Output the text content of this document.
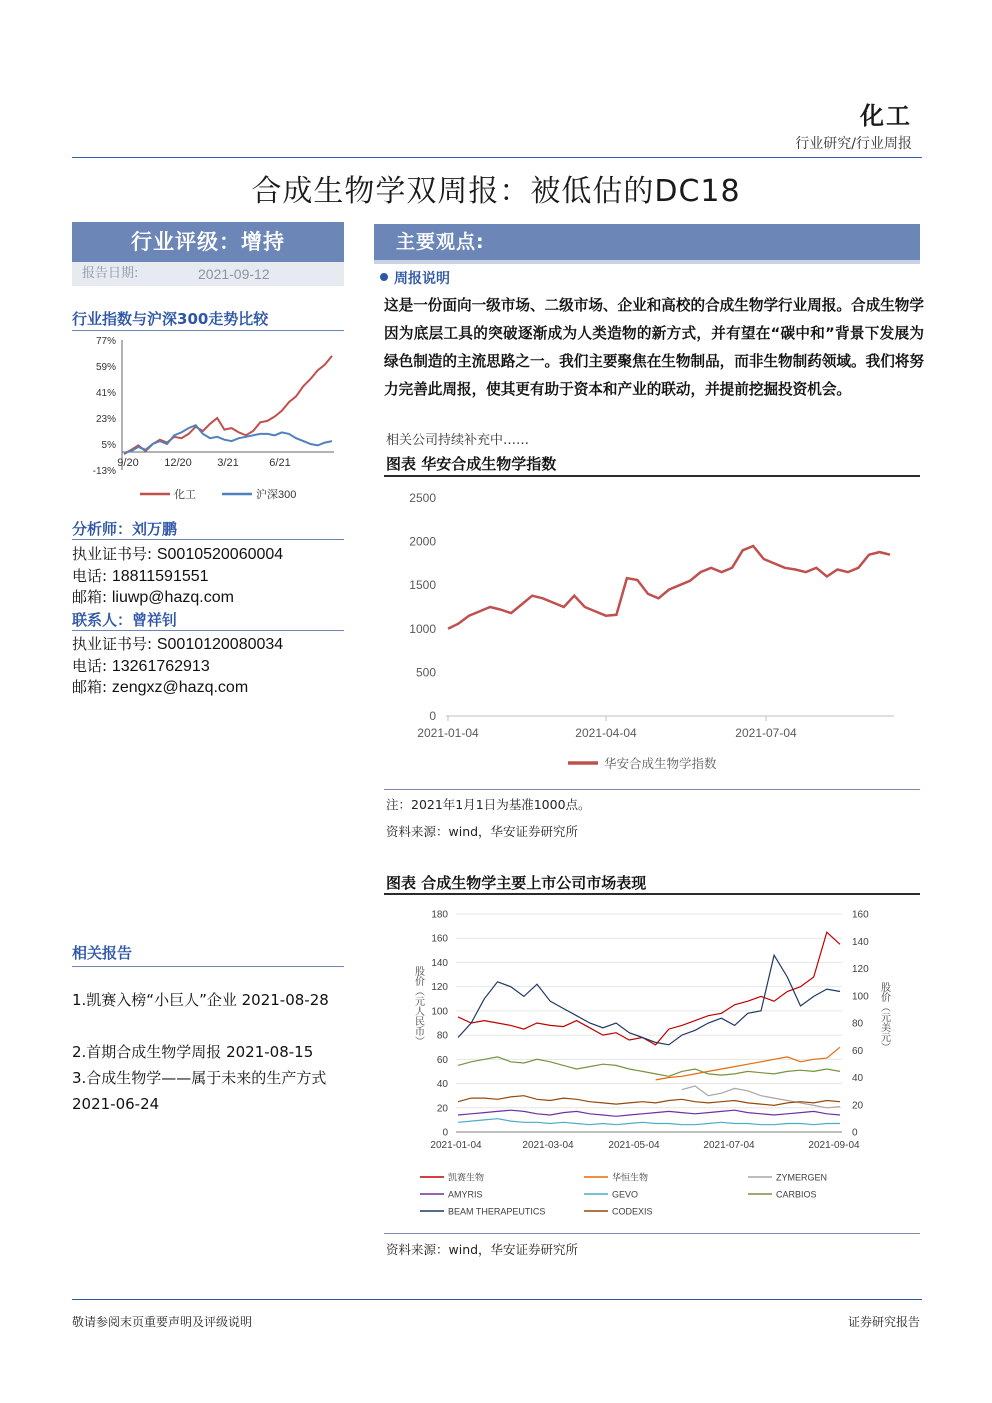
化工
行业研究/行业周报
合成生物学双周报：被低估的DC18
行业评级：增持
报告日期:	2021-09-12
行业指数与沪深300走势比较
77%
59%
41%
23%
5%
-13%
9/20 12/20 3/21	6/21
化工	沪深300
分析师：刘万鹏
执业证书号: S0010520060004
电话: 18811591551
邮箱: liuwp@hazq.com
联系人：曾祥钊
执业证书号: S0010120080034
电话: 13261762913
邮箱: zengxz@hazq.com
相关报告
1.凯赛入榜“小巨人”企业 2021-08-28
2.首期合成生物学周报 2021-08-15
3.合成生物学——属于未来的生产方式 2021-06-24
主要观点:
周报说明
这是一份面向一级市场、二级市场、企业和高校的合成生物学行业周报。合成生物学因为底层工具的突破逐渐成为人类造物的新方式，并有望在“碳中和”背景下发展为绿色制造的主流思路之一。我们主要聚焦在生物制品，而非生物制药领域。我们将努力完善此周报，使其更有助于资本和产业的联动，并提前挖掘投资机会。
相关公司持续补充中……
图表 华安合成生物学指数
0
500
1000
1500
2000
2500
2021-01-04	2021-04-04	2021-07-04
华安合成生物学指数
注：2021年1月1日为基准1000点。
资料来源：wind，华安证券研究所
图表 合成生物学主要上市公司市场表现
0
20
40
60
80
100
120
140
160
180
0
20
40
60
80
100
120
140
160
2021-01-04	2021-03-04	2021-05-04	2021-07-04	2021-09-04
股价（元人民币）	股价（元美元）
凯赛生物	华恒生物	ZYMERGEN
AMYRIS	GEVO	CARBIOS
BEAM THERAPEUTICS	CODEXIS
资料来源：wind，华安证券研究所
敬请参阅末页重要声明及评级说明	证券研究报告
